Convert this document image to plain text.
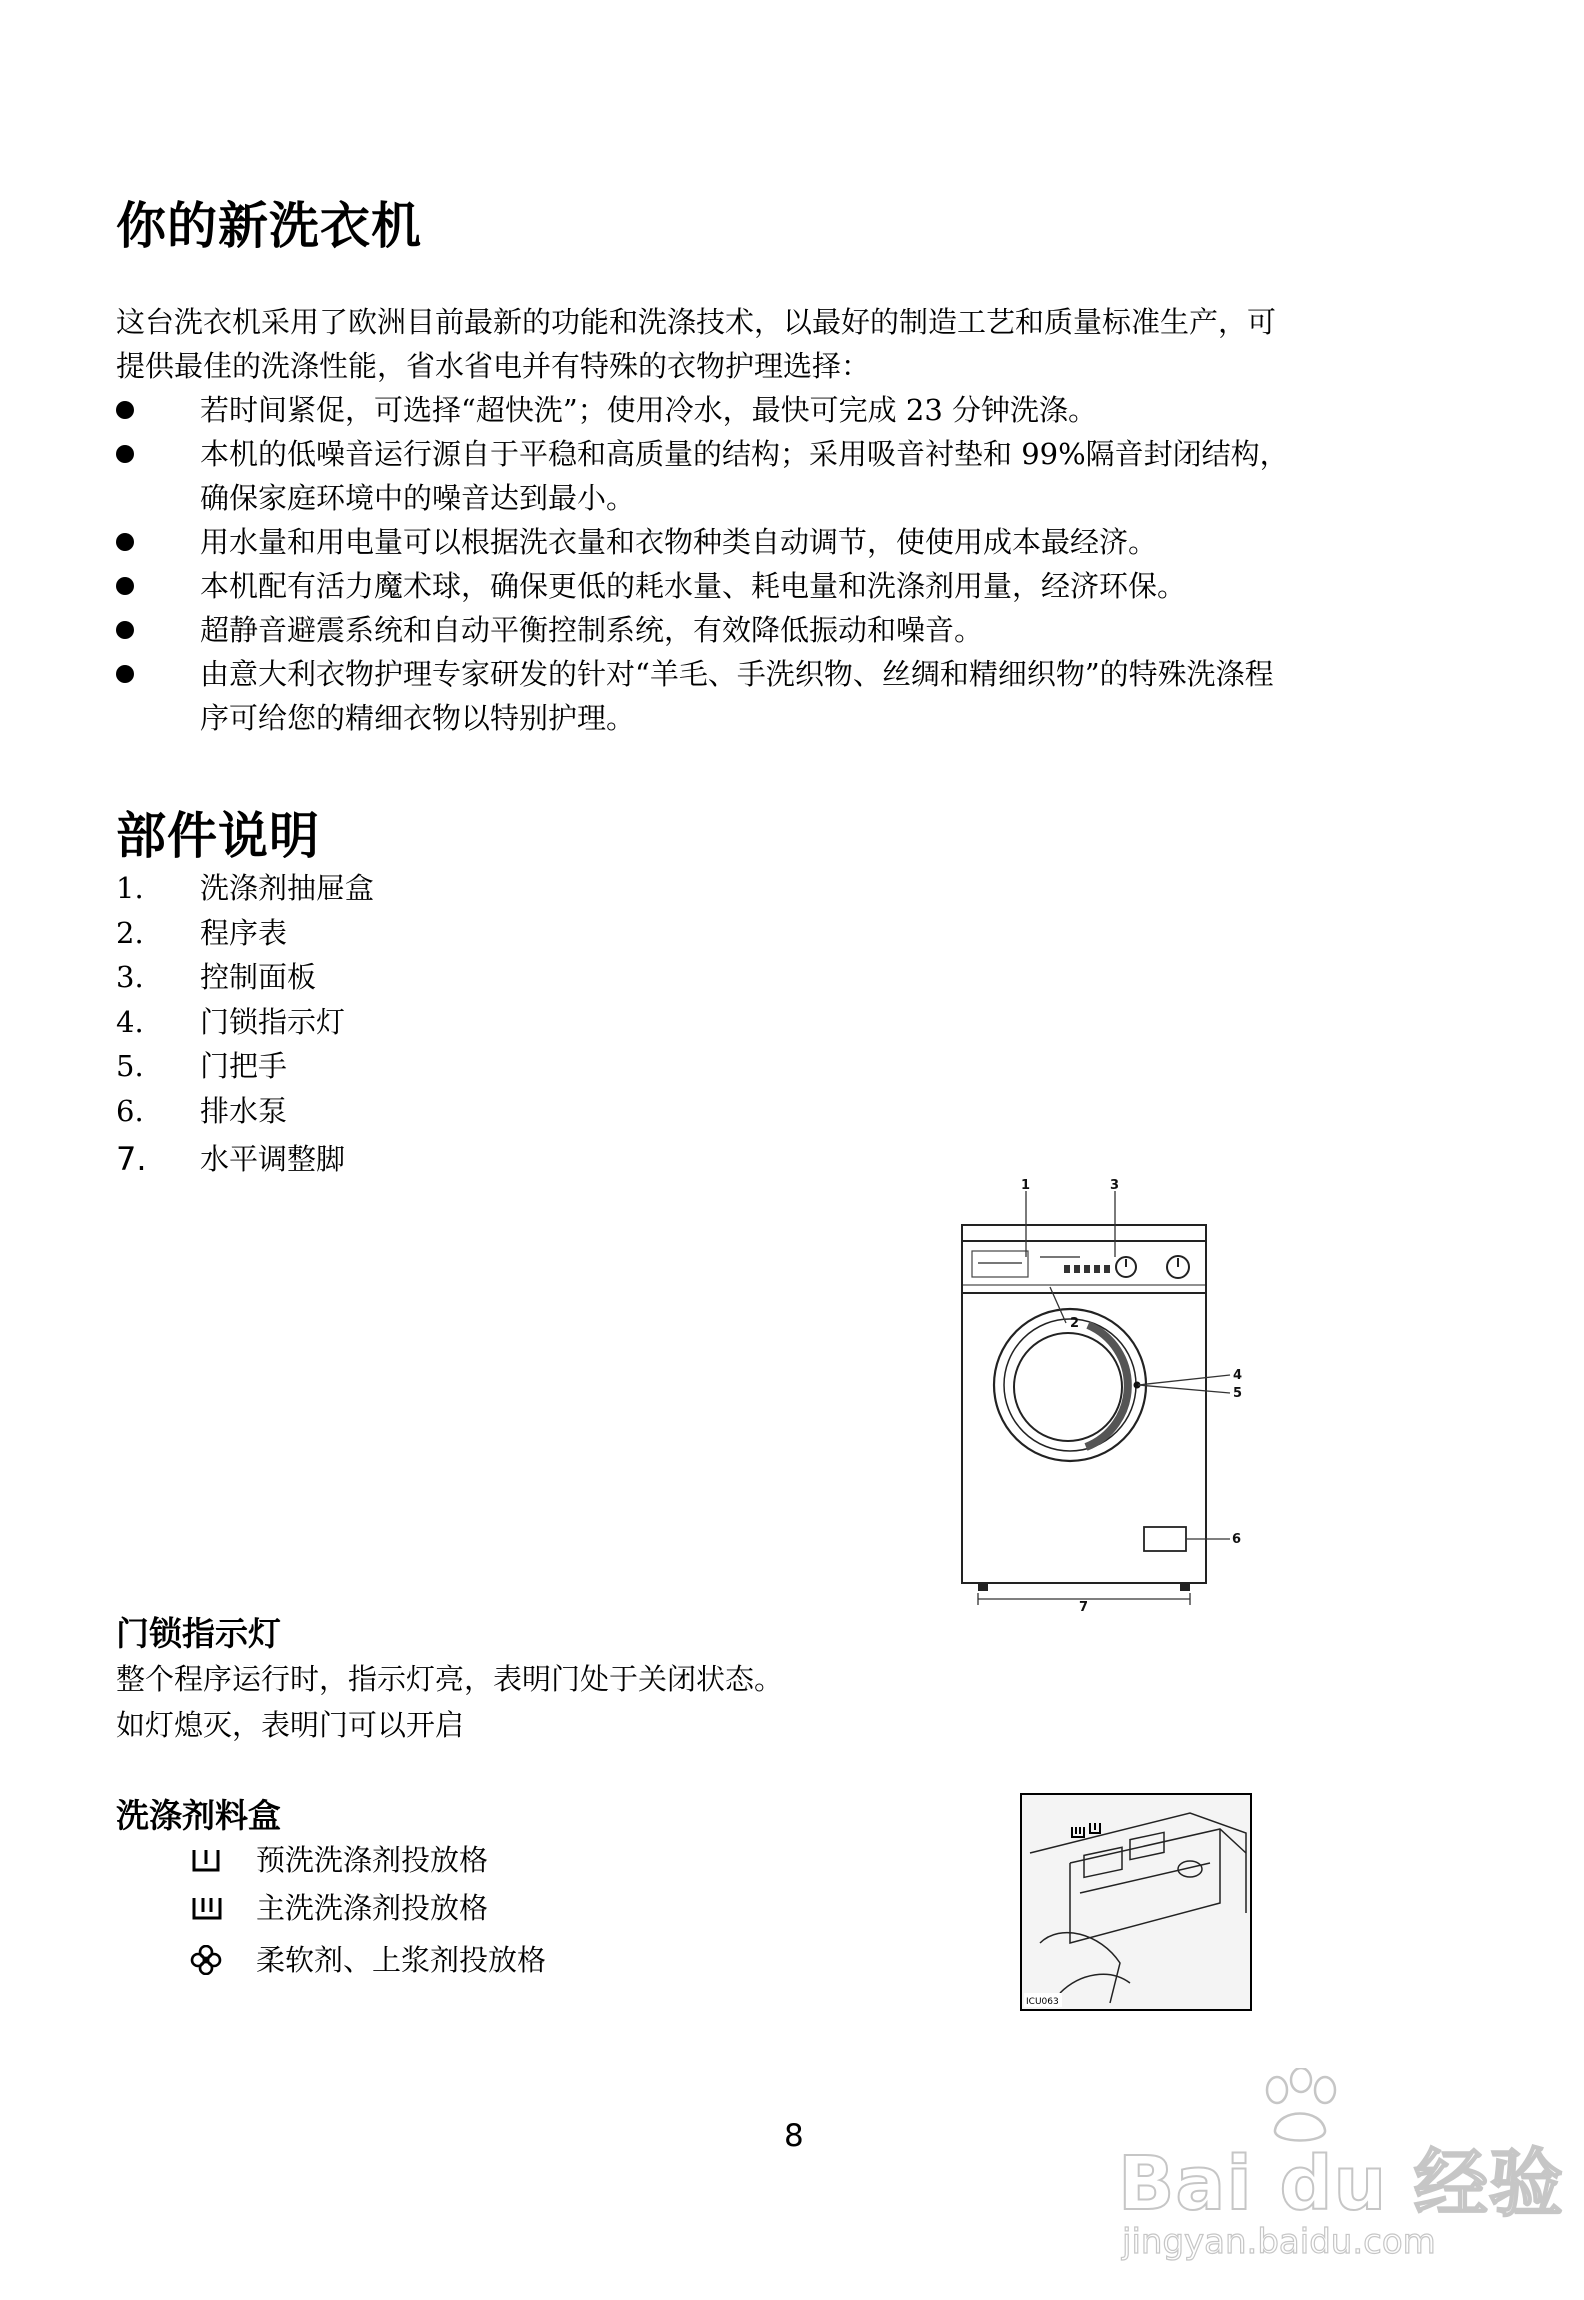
你的新洗衣机
这台洗衣机采用了欧洲目前最新的功能和洗涤技术，以最好的制造工艺和质量标准生产，可
提供最佳的洗涤性能，省水省电并有特殊的衣物护理选择：
若时间紧促，可选择“超快洗”；使用冷水，最快可完成 23 分钟洗涤。
本机的低噪音运行源自于平稳和高质量的结构；采用吸音衬垫和 99%隔音封闭结构，
确保家庭环境中的噪音达到最小。
用水量和用电量可以根据洗衣量和衣物种类自动调节，使使用成本最经济。
本机配有活力魔术球，确保更低的耗水量、耗电量和洗涤剂用量，经济环保。
超静音避震系统和自动平衡控制系统，有效降低振动和噪音。
由意大利衣物护理专家研发的针对“羊毛、手洗织物、丝绸和精细织物”的特殊洗涤程
序可给您的精细衣物以特别护理。
部件说明
1.	洗涤剂抽屉盒
2.	程序表
3.	控制面板
4.	门锁指示灯
5.	门把手
6.	排水泵
7.	水平调整脚
1	3
2
4
5
6
7
门锁指示灯
整个程序运行时，指示灯亮，表明门处于关闭状态。
如灯熄灭，表明门可以开启
洗涤剂料盒
预洗洗涤剂投放格
主洗洗涤剂投放格
柔软剂、上浆剂投放格
ICU063
8
Bai du 经验
jingyan.baidu.com
